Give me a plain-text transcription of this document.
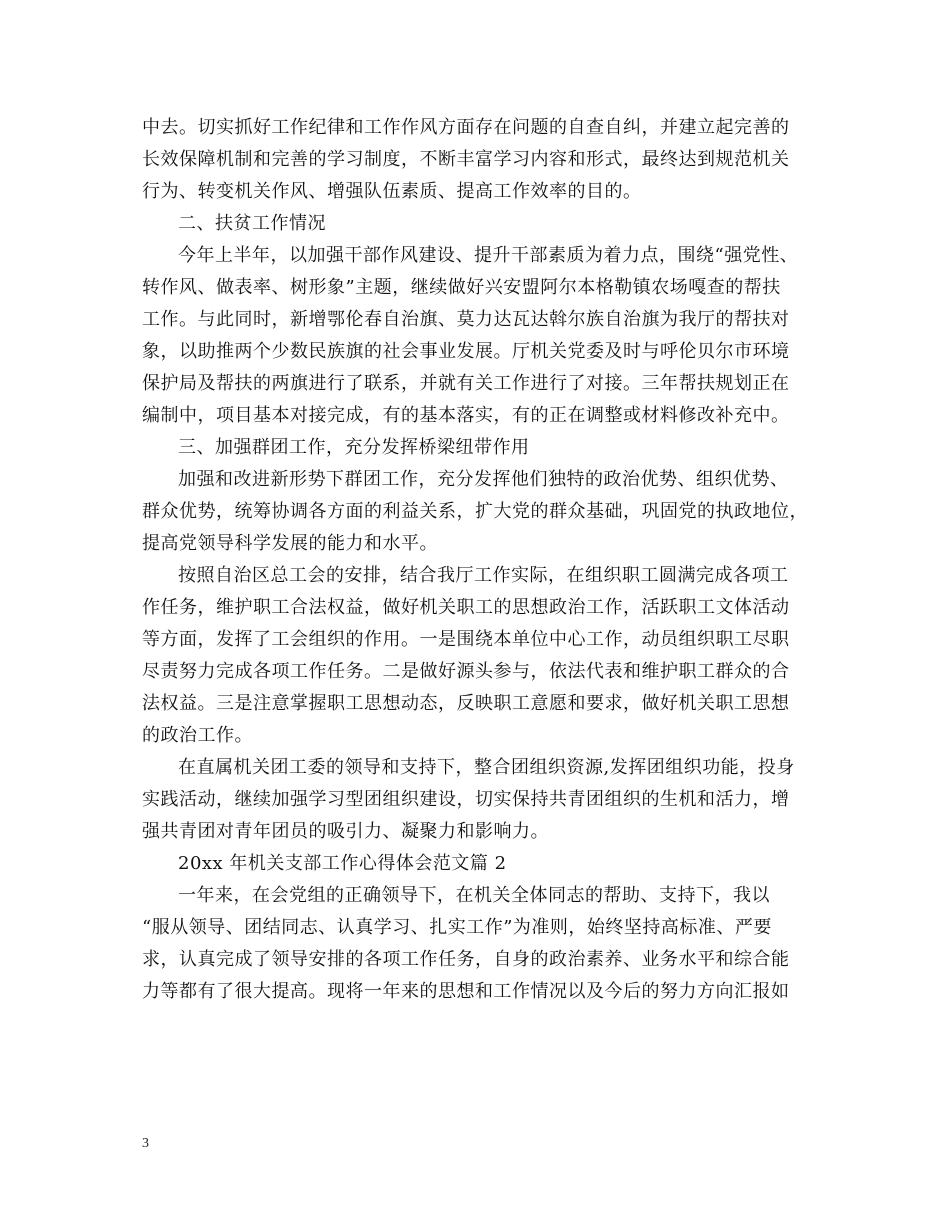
中去。切实抓好工作纪律和工作作风方面存在问题的自查自纠，并建立起完善的
长效保障机制和完善的学习制度，不断丰富学习内容和形式，最终达到规范机关
行为、转变机关作风、增强队伍素质、提高工作效率的目的。
二、扶贫工作情况
今年上半年，以加强干部作风建设、提升干部素质为着力点，围绕“强党性、
转作风、做表率、树形象”主题，继续做好兴安盟阿尔本格勒镇农场嘎查的帮扶
工作。与此同时，新增鄂伦春自治旗、莫力达瓦达斡尔族自治旗为我厅的帮扶对
象，以助推两个少数民族旗的社会事业发展。厅机关党委及时与呼伦贝尔市环境
保护局及帮扶的两旗进行了联系，并就有关工作进行了对接。三年帮扶规划正在
编制中，项目基本对接完成，有的基本落实，有的正在调整或材料修改补充中。
三、加强群团工作，充分发挥桥梁纽带作用
加强和改进新形势下群团工作，充分发挥他们独特的政治优势、组织优势、
群众优势，统筹协调各方面的利益关系，扩大党的群众基础，巩固党的执政地位，
提高党领导科学发展的能力和水平。
按照自治区总工会的安排，结合我厅工作实际，在组织职工圆满完成各项工
作任务，维护职工合法权益，做好机关职工的思想政治工作，活跃职工文体活动
等方面，发挥了工会组织的作用。一是围绕本单位中心工作，动员组织职工尽职
尽责努力完成各项工作任务。二是做好源头参与，依法代表和维护职工群众的合
法权益。三是注意掌握职工思想动态，反映职工意愿和要求，做好机关职工思想
的政治工作。
在直属机关团工委的领导和支持下，整合团组织资源,发挥团组织功能，投身
实践活动，继续加强学习型团组织建设，切实保持共青团组织的生机和活力，增
强共青团对青年团员的吸引力、凝聚力和影响力。
20xx 年机关支部工作心得体会范文篇 2
一年来，在会党组的正确领导下，在机关全体同志的帮助、支持下，我以
“服从领导、团结同志、认真学习、扎实工作”为准则，始终坚持高标准、严要
求，认真完成了领导安排的各项工作任务，自身的政治素养、业务水平和综合能
力等都有了很大提高。现将一年来的思想和工作情况以及今后的努力方向汇报如
3
